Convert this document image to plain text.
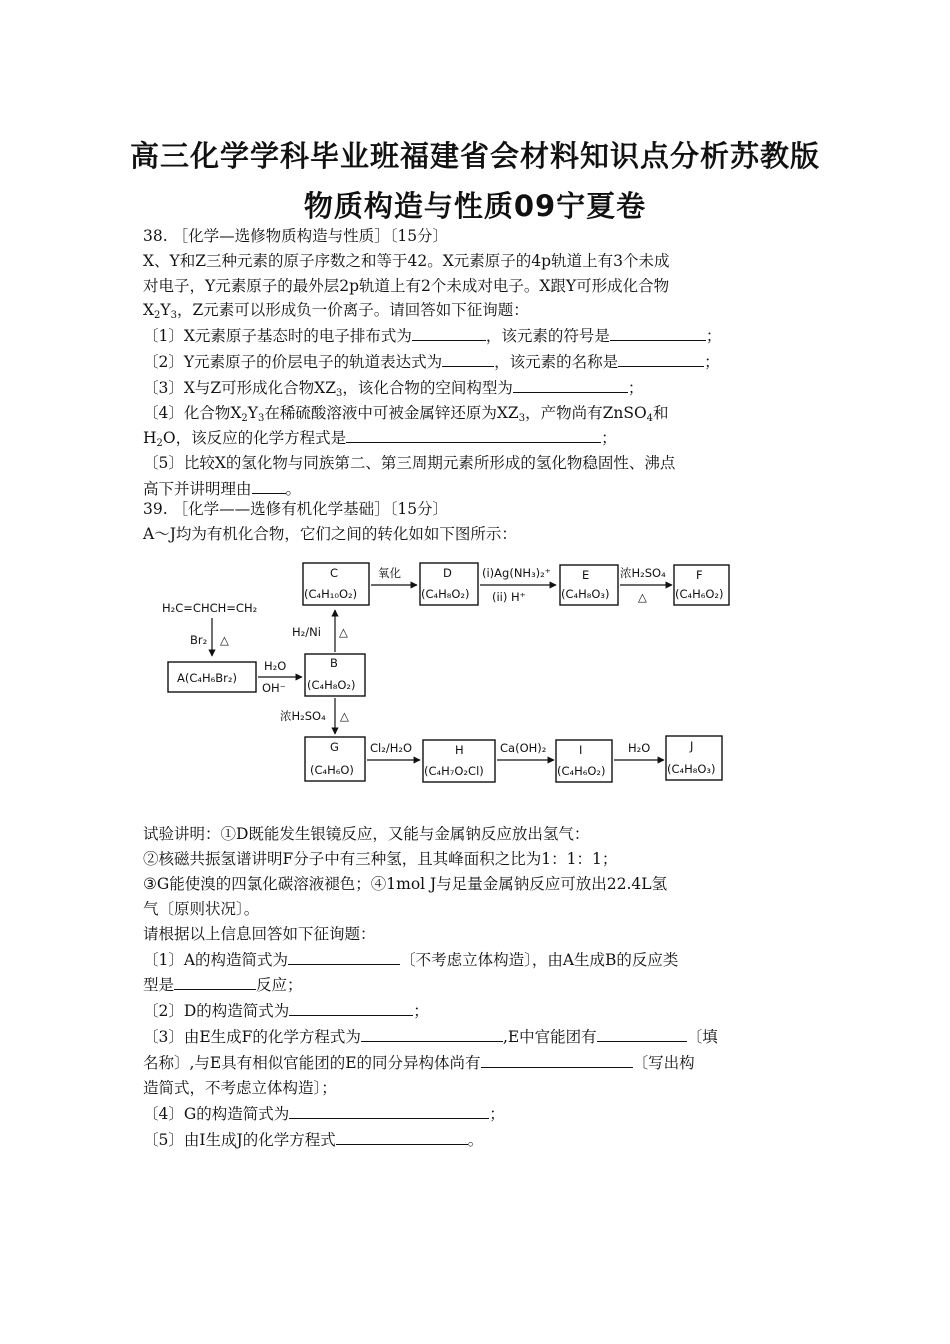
高三化学学科毕业班福建省会材料知识点分析苏教版
物质构造与性质09宁夏卷

38. ［化学—选修物质构造与性质］〔15分〕

X、Y和Z三种元素的原子序数之和等于42。X元素原子的4p轨道上有3个未成

对电子，Y元素原子的最外层2p轨道上有2个未成对电子。X跟Y可形成化合物

$X_2Y_3$，Z元素可以形成负一价离子。请回答如下征询题：

〔1〕X元素原子基态时的电子排布式为	，该元素的符号是	；

〔2〕Y元素原子的价层电子的轨道表达式为	，该元素的名称是	；

〔3〕X与Z可形成化合物$XZ_3$，该化合物的空间构型为	；

〔4〕化合物$X_2Y_3$在稀硫酸溶液中可被金属锌还原为$XZ_3$，产物尚有ZnSO$_4$和

$H_2O$，该反应的化学方程式是	；

〔5〕比较X的氢化物与同族第二、第三周期元素所形成的氢化物稳固性、沸点

高下并讲明理由 。

39. ［化学——选修有机化学基础］〔15分〕

A～J均为有机化合物，它们之间的转化如如下图所示：

H₂C=CHCH=CH₂
Br₂ △
A(C₄H₆Br₂)
H₂O
OH⁻
B
(C₄H₈O₂)
H₂/Ni △
C
(C₄H₁₀O₂)
氧化	D
(C₄H₈O₂)
(i)Ag(NH₃)₂⁺
(ii) H⁺
E
(C₄H₈O₃)
浓H₂SO₄
△
F
(C₄H₆O₂)
浓H₂SO₄ △
G
(C₄H₆O)
Cl₂/H₂O	H
(C₄H₇O₂Cl)
Ca(OH)₂	I
(C₄H₆O₂)
H₂O	J
(C₄H₈O₃)

试验讲明：①D既能发生银镜反应，又能与金属钠反应放出氢气：

②核磁共振氢谱讲明F分子中有三种氢，且其峰面积之比为1：1：1；

③G能使溴的四氯化碳溶液褪色；④1mol J与足量金属钠反应可放出22.4L氢

气〔原则状况〕。

请根据以上信息回答如下征询题：

〔1〕A的构造简式为	〔不考虑立体构造〕，由A生成B的反应类

型是	反应；

〔2〕D的构造简式为	；

〔3〕由E生成F的化学方程式为	,E中官能团有	〔填

名称〕,与E具有相似官能团的E的同分异构体尚有	〔写出构

造简式，不考虑立体构造〕；

〔4〕G的构造简式为	；

〔5〕由I生成J的化学方程式	。
